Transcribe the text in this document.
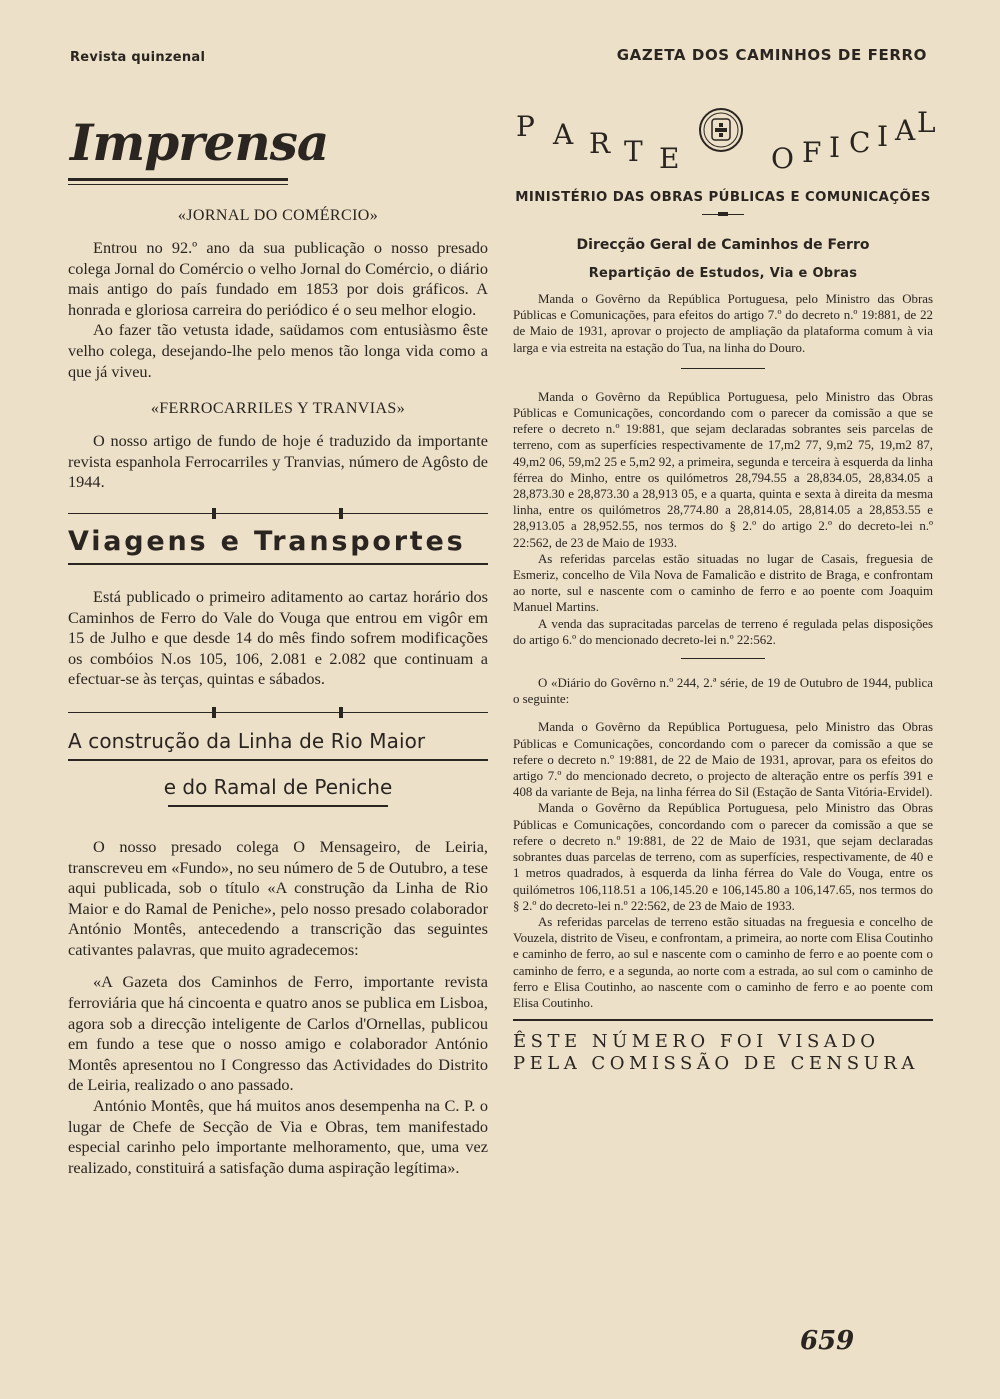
Revista quinzenal	GAZETA DOS CAMINHOS DE FERRO
Imprensa
«JORNAL DO COMÉRCIO»

Entrou no 92.º ano da sua publicação o nosso presado colega Jornal do Comércio o velho Jornal do Comércio, o diário mais antigo do país fundado em 1853 por dois gráficos. A honrada e gloriosa carreira do periódico é o seu melhor elogio.

Ao fazer tão vetusta idade, saüdamos com entusiàsmo êste velho colega, desejando-lhe pelo menos tão longa vida como a que já viveu.

«FERROCARRILES Y TRANVIAS»

O nosso artigo de fundo de hoje é traduzido da importante revista espanhola Ferrocarriles y Tranvias, número de Agôsto de 1944.

Viagens e Transportes

Está publicado o primeiro aditamento ao cartaz horário dos Caminhos de Ferro do Vale do Vouga que entrou em vigôr em 15 de Julho e que desde 14 do mês findo sofrem modificações os combóios N.os 105, 106, 2.081 e 2.082 que continuam a efectuar-se às terças, quintas e sábados.

A construção da Linha de Rio Maior
e do Ramal de Peniche

O nosso presado colega O Mensageiro, de Leiria, transcreveu em «Fundo», no seu número de 5 de Outubro, a tese aqui publicada, sob o título «A construção da Linha de Rio Maior e do Ramal de Peniche», pelo nosso presado colaborador António Montês, antecedendo a transcrição das seguintes cativantes palavras, que muito agradecemos:

«A Gazeta dos Caminhos de Ferro, importante revista ferroviária que há cincoenta e quatro anos se publica em Lisboa, agora sob a direcção inteligente de Carlos d'Ornellas, publicou em fundo a tese que o nosso amigo e colaborador António Montês apresentou no I Congresso das Actividades do Distrito de Leiria, realizado o ano passado.

António Montês, que há muitos anos desempenha na C. P. o lugar de Chefe de Secção de Via e Obras, tem manifestado especial carinho pelo importante melhoramento, que, uma vez realizado, constituirá a satisfação duma aspiração legítima».

P A R T E	O F I C I A
L
MINISTÉRIO DAS OBRAS PÚBLICAS E COMUNICAÇÕES
Direcção Geral de Caminhos de Ferro
Repartição de Estudos, Via e Obras

Manda o Govêrno da República Portuguesa, pelo Ministro das Obras Públicas e Comunicações, para efeitos do artigo 7.º do decreto n.º 19:881, de 22 de Maio de 1931, aprovar o projecto de ampliação da plataforma comum à via larga e via estreita na estação do Tua, na linha do Douro.

Manda o Govêrno da República Portuguesa, pelo Ministro das Obras Públicas e Comunicações, concordando com o parecer da comissão a que se refere o decreto n.º 19:881, que sejam declaradas sobrantes seis parcelas de terreno, com as superfícies respectivamente de 17,m2 77, 9,m2 75, 19,m2 87, 49,m2 06, 59,m2 25 e 5,m2 92, a primeira, segunda e terceira à esquerda da linha férrea do Minho, entre os quilómetros 28,794.55 a 28,834.05, 28,834.05 a 28,873.30 e 28,873.30 a 28,913 05, e a quarta, quinta e sexta à direita da mesma linha, entre os quilómetros 28,774.80 a 28,814.05, 28,814.05 a 28,853.55 e 28,913.05 a 28,952.55, nos termos do § 2.º do artigo 2.º do decreto-lei n.º 22:562, de 23 de Maio de 1933.

As referidas parcelas estão situadas no lugar de Casais, freguesia de Esmeriz, concelho de Vila Nova de Famalicão e distrito de Braga, e confrontam ao norte, sul e nascente com o caminho de ferro e ao poente com Joaquim Manuel Martins.

A venda das supracitadas parcelas de terreno é regulada pelas disposições do artigo 6.º do mencionado decreto-lei n.º 22:562.

O «Diário do Govêrno n.º 244, 2.ª série, de 19 de Outubro de 1944, publica o seguinte:

Manda o Govêrno da República Portuguesa, pelo Ministro das Obras Públicas e Comunicações, concordando com o parecer da comissão a que se refere o decreto n.º 19:881, de 22 de Maio de 1931, aprovar, para os efeitos do artigo 7.º do mencionado decreto, o projecto de alteração entre os perfís 391 e 408 da variante de Beja, na linha férrea do Sil (Estação de Santa Vitória-Ervidel).

Manda o Govêrno da República Portuguesa, pelo Ministro das Obras Públicas e Comunicações, concordando com o parecer da comissão a que se refere o decreto n.º 19:881, de 22 de Maio de 1931, que sejam declaradas sobrantes duas parcelas de terreno, com as superfícies, respectivamente, de 40 e 1 metros quadrados, à esquerda da linha férrea do Vale do Vouga, entre os quilómetros 106,118.51 a 106,145.20 e 106,145.80 a 106,147.65, nos termos do § 2.º do decreto-lei n.º 22:562, de 23 de Maio de 1933.

As referidas parcelas de terreno estão situadas na freguesia e concelho de Vouzela, distrito de Viseu, e confrontam, a primeira, ao norte com Elisa Coutinho e caminho de ferro, ao sul e nascente com o caminho de ferro e ao poente com o caminho de ferro, e a segunda, ao norte com a estrada, ao sul com o caminho de ferro e Elisa Coutinho, ao nascente com o caminho de ferro e ao poente com Elisa Coutinho.

ÊSTE NÚMERO FOI VISADO
PELA COMISSÃO DE CENSURA
659
